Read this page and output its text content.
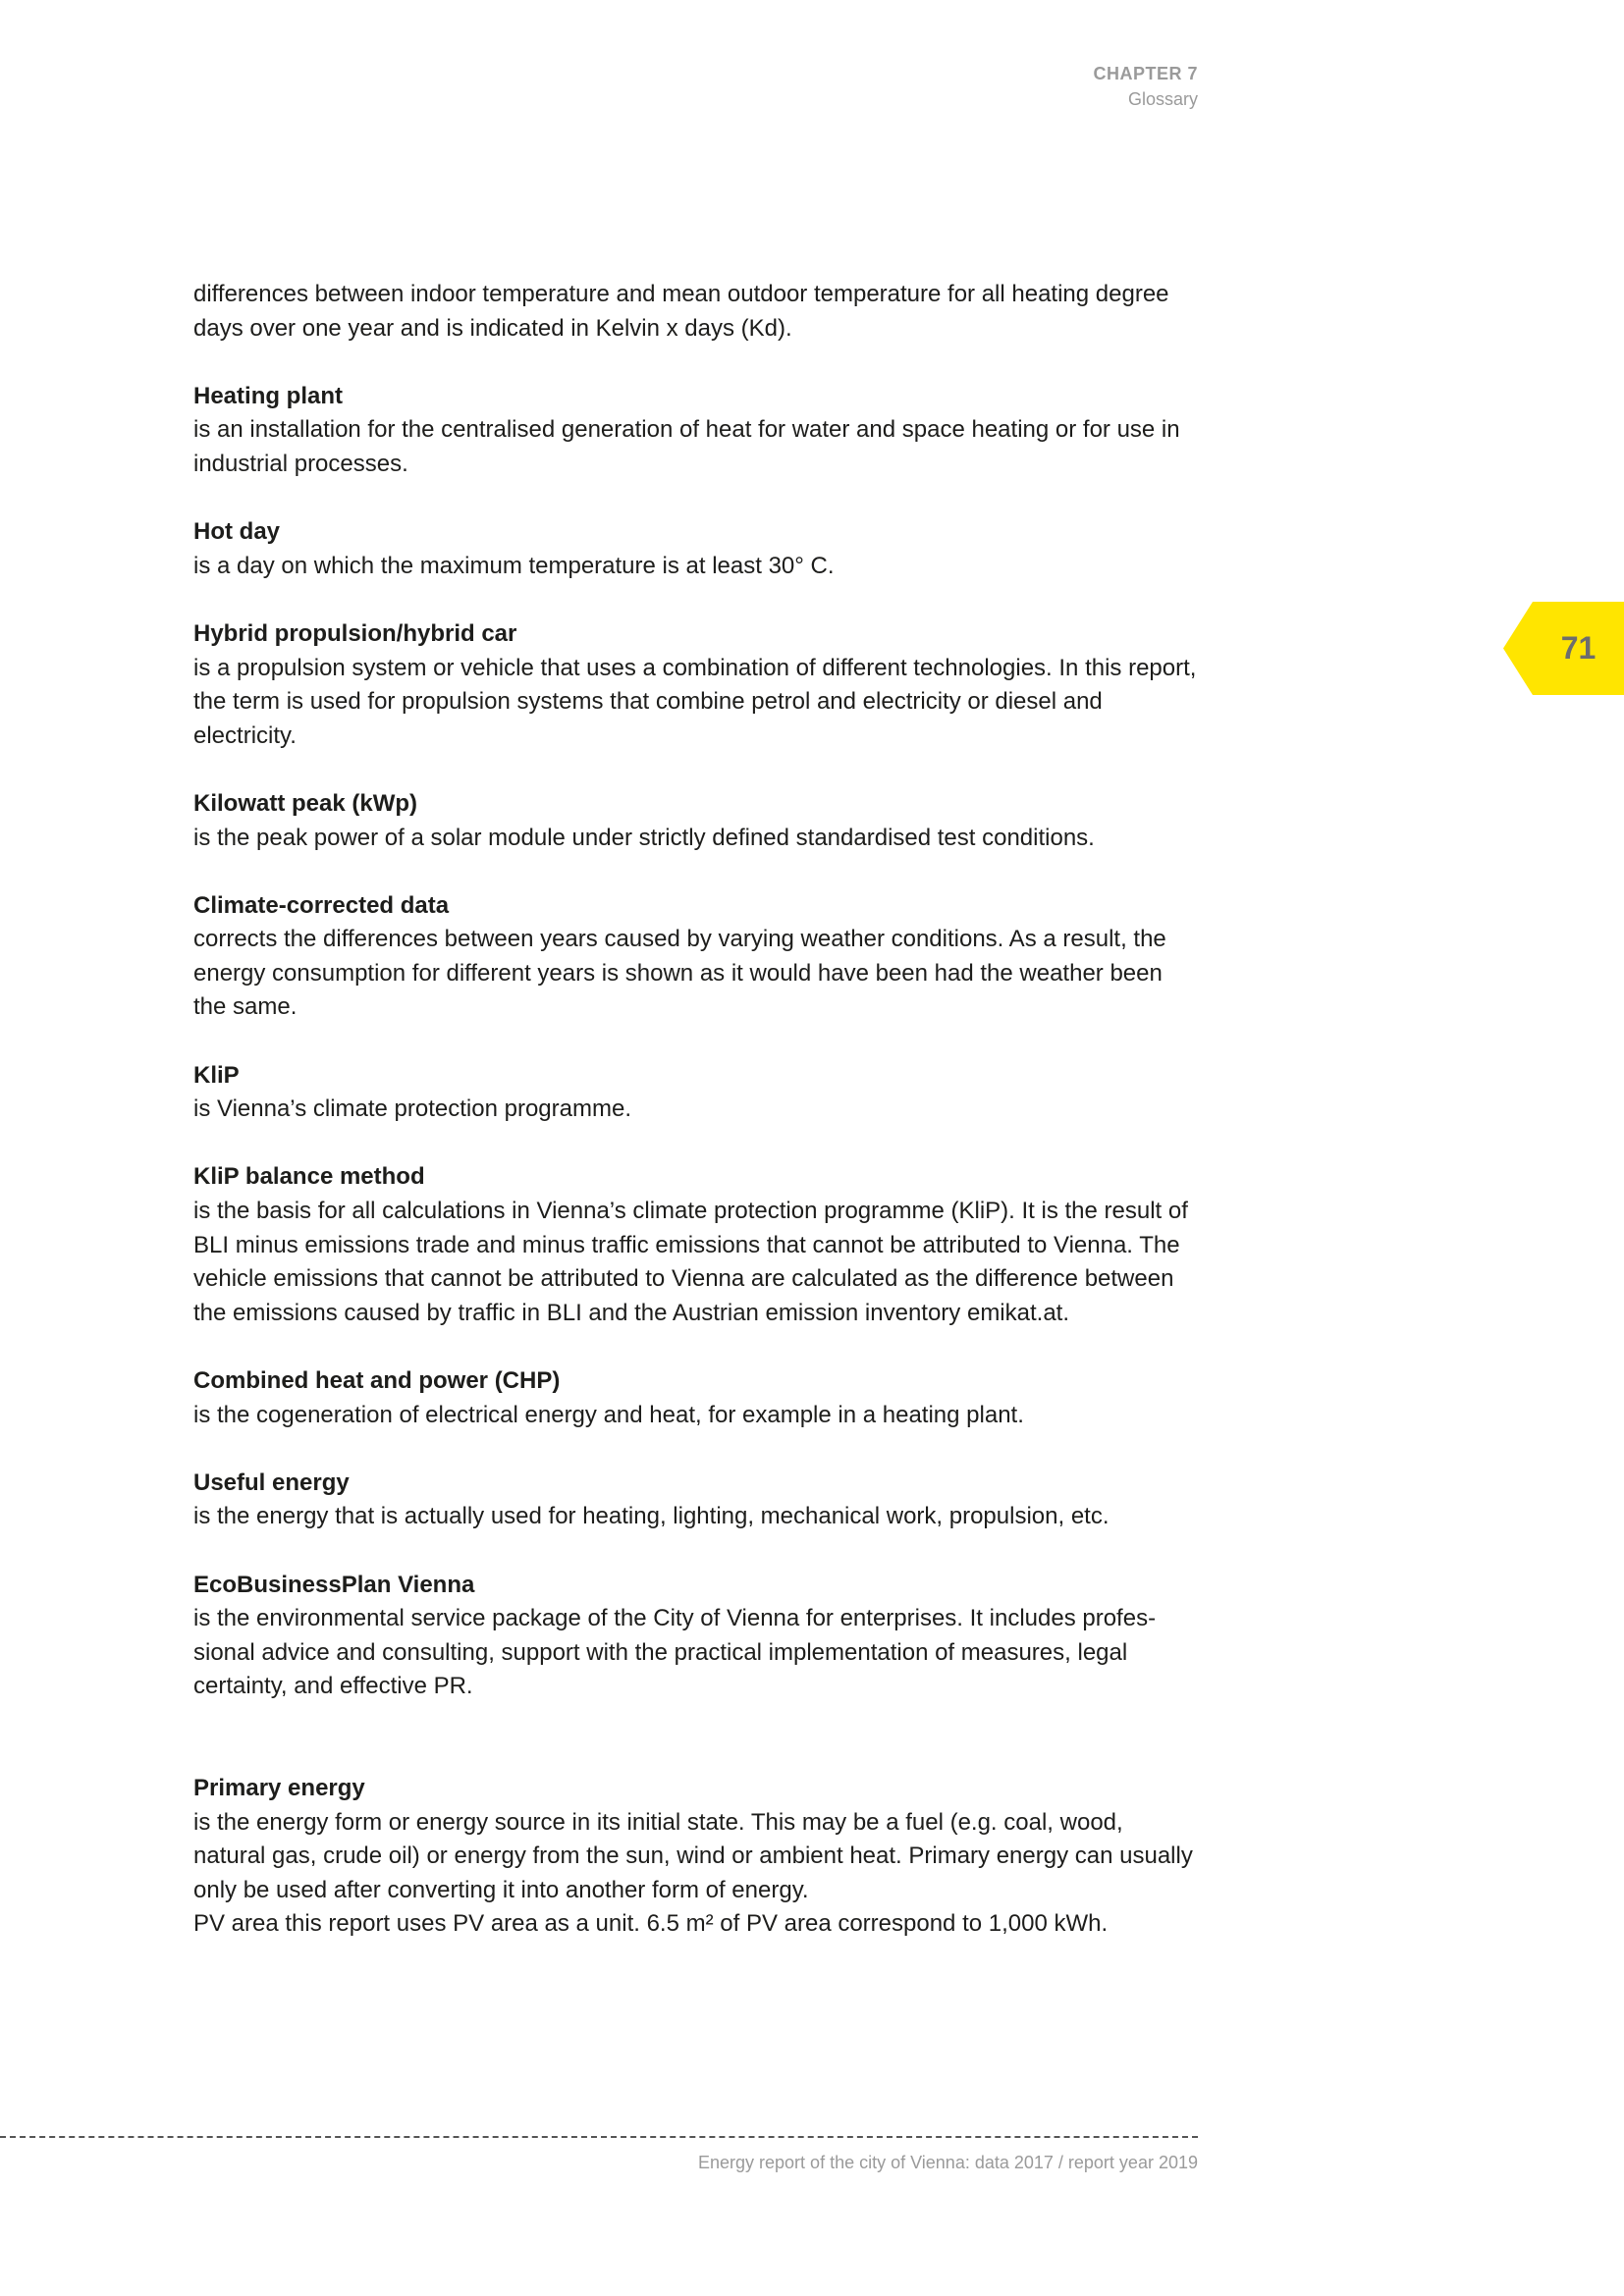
CHAPTER 7
Glossary
71

differences between indoor temperature and mean outdoor temperature for all heating degree days over one year and is indicated in Kelvin x days (Kd).

Heating plant

is an installation for the centralised generation of heat for water and space heating or for use in industrial processes.

Hot day

is a day on which the maximum temperature is at least 30° C.

Hybrid propulsion/hybrid car

is a propulsion system or vehicle that uses a combination of different technologies. In this report, the term is used for propulsion systems that combine petrol and electricity or diesel and electricity.

Kilowatt peak (kWp)

is the peak power of a solar module under strictly defined standardised test conditions.

Climate-corrected data

corrects the differences between years caused by varying weather conditions. As a result, the energy consumption for different years is shown as it would have been had the weather been the same.

KliP

is Vienna’s climate protection programme.

KliP balance method

is the basis for all calculations in Vienna’s climate protection programme (KliP). It is the result of BLI minus emissions trade and minus traffic emissions that cannot be attributed to Vienna. The vehicle emissions that cannot be attributed to Vienna are calculated as the difference between the emissions caused by traffic in BLI and the Austrian emission inventory emikat.at.

Combined heat and power (CHP)

is the cogeneration of electrical energy and heat, for example in a heating plant.

Useful energy

is the energy that is actually used for heating, lighting, mechanical work, propulsion, etc.

EcoBusinessPlan Vienna

is the environmental service package of the City of Vienna for enterprises. It includes profes-sional advice and consulting, support with the practical implementation of measures, legal certainty, and effective PR.

Primary energy

is the energy form or energy source in its initial state. This may be a fuel (e.g. coal, wood, natural gas, crude oil) or energy from the sun, wind or ambient heat. Primary energy can usually only be used after converting it into another form of energy.

PV area this report uses PV area as a unit. 6.5 m² of PV area correspond to 1,000 kWh.

Energy report of the city of Vienna: data 2017 / report year 2019
